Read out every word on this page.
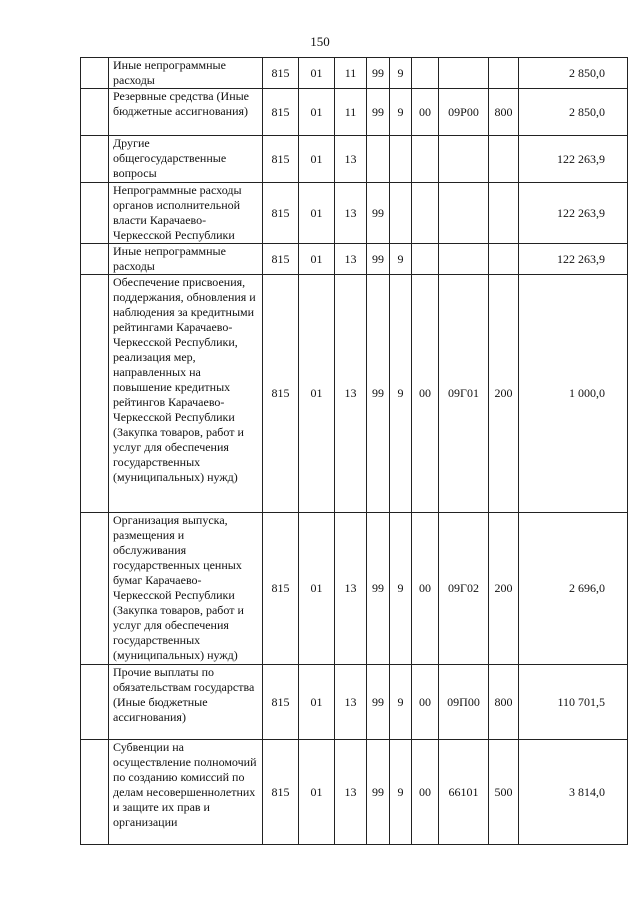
150
	Иные непрограммные расходы	815	01	11	99	9				2 850,0
	Резервные средства (Иные бюджетные ассигнования)	815	01	11	99	9	00	09Р00	800	2 850,0
	Другие общегосударственные вопросы	815	01	13						122 263,9
	Непрограммные расходы органов исполнительной власти Карачаево-Черкесской Республики	815	01	13	99					122 263,9
	Иные непрограммные расходы	815	01	13	99	9				122 263,9
	Обеспечение присвоения, поддержания, обновления и наблюдения за кредитными рейтингами Карачаево-Черкесской Республики, реализация мер, направленных на повышение кредитных рейтингов Карачаево-Черкесской Республики (Закупка товаров, работ и услуг для обеспечения государственных (муниципальных) нужд)	815	01	13	99	9	00	09Г01	200	1 000,0
	Организация выпуска, размещения и обслуживания государственных ценных бумаг Карачаево-Черкесской Республики (Закупка товаров, работ и услуг для обеспечения государственных (муниципальных) нужд)	815	01	13	99	9	00	09Г02	200	2 696,0
	Прочие выплаты по обязательствам государства (Иные бюджетные ассигнования)	815	01	13	99	9	00	09П00	800	110 701,5
	Субвенции на осуществление полномочий по созданию комиссий по делам несовершеннолетних и защите их прав и организации	815	01	13	99	9	00	66101	500	3 814,0
